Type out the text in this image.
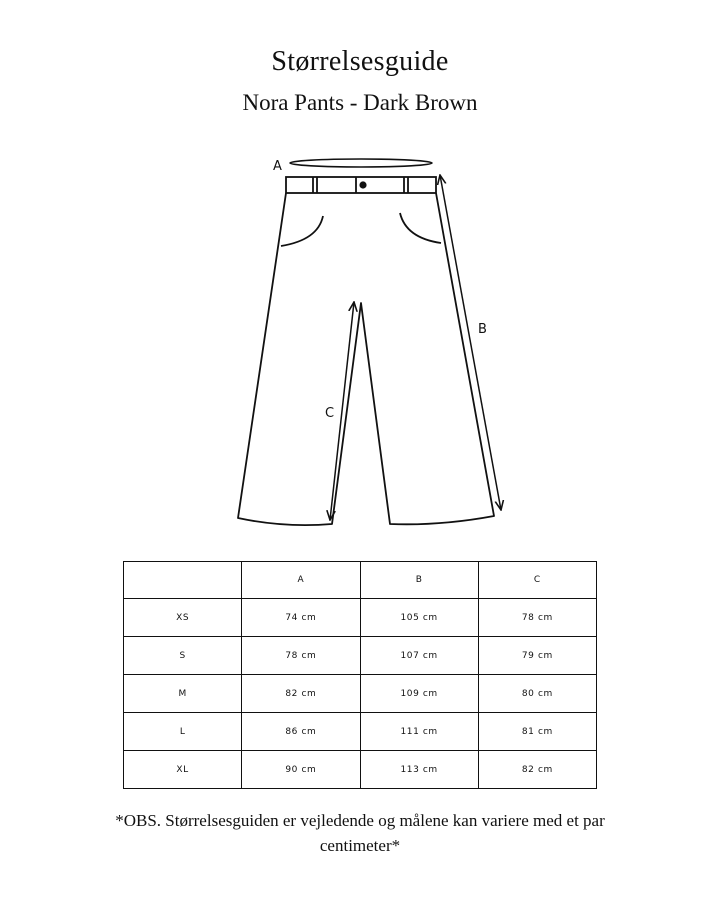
Størrelsesguide
Nora Pants - Dark Brown
A
B
C
	A	B	C
XS	74 cm	105 cm	78 cm
S	78 cm	107 cm	79 cm
M	82 cm	109 cm	80 cm
L	86 cm	111 cm	81 cm
XL	90 cm	113 cm	82 cm
*OBS. Størrelsesguiden er vejledende og målene kan variere med et par centimeter*
